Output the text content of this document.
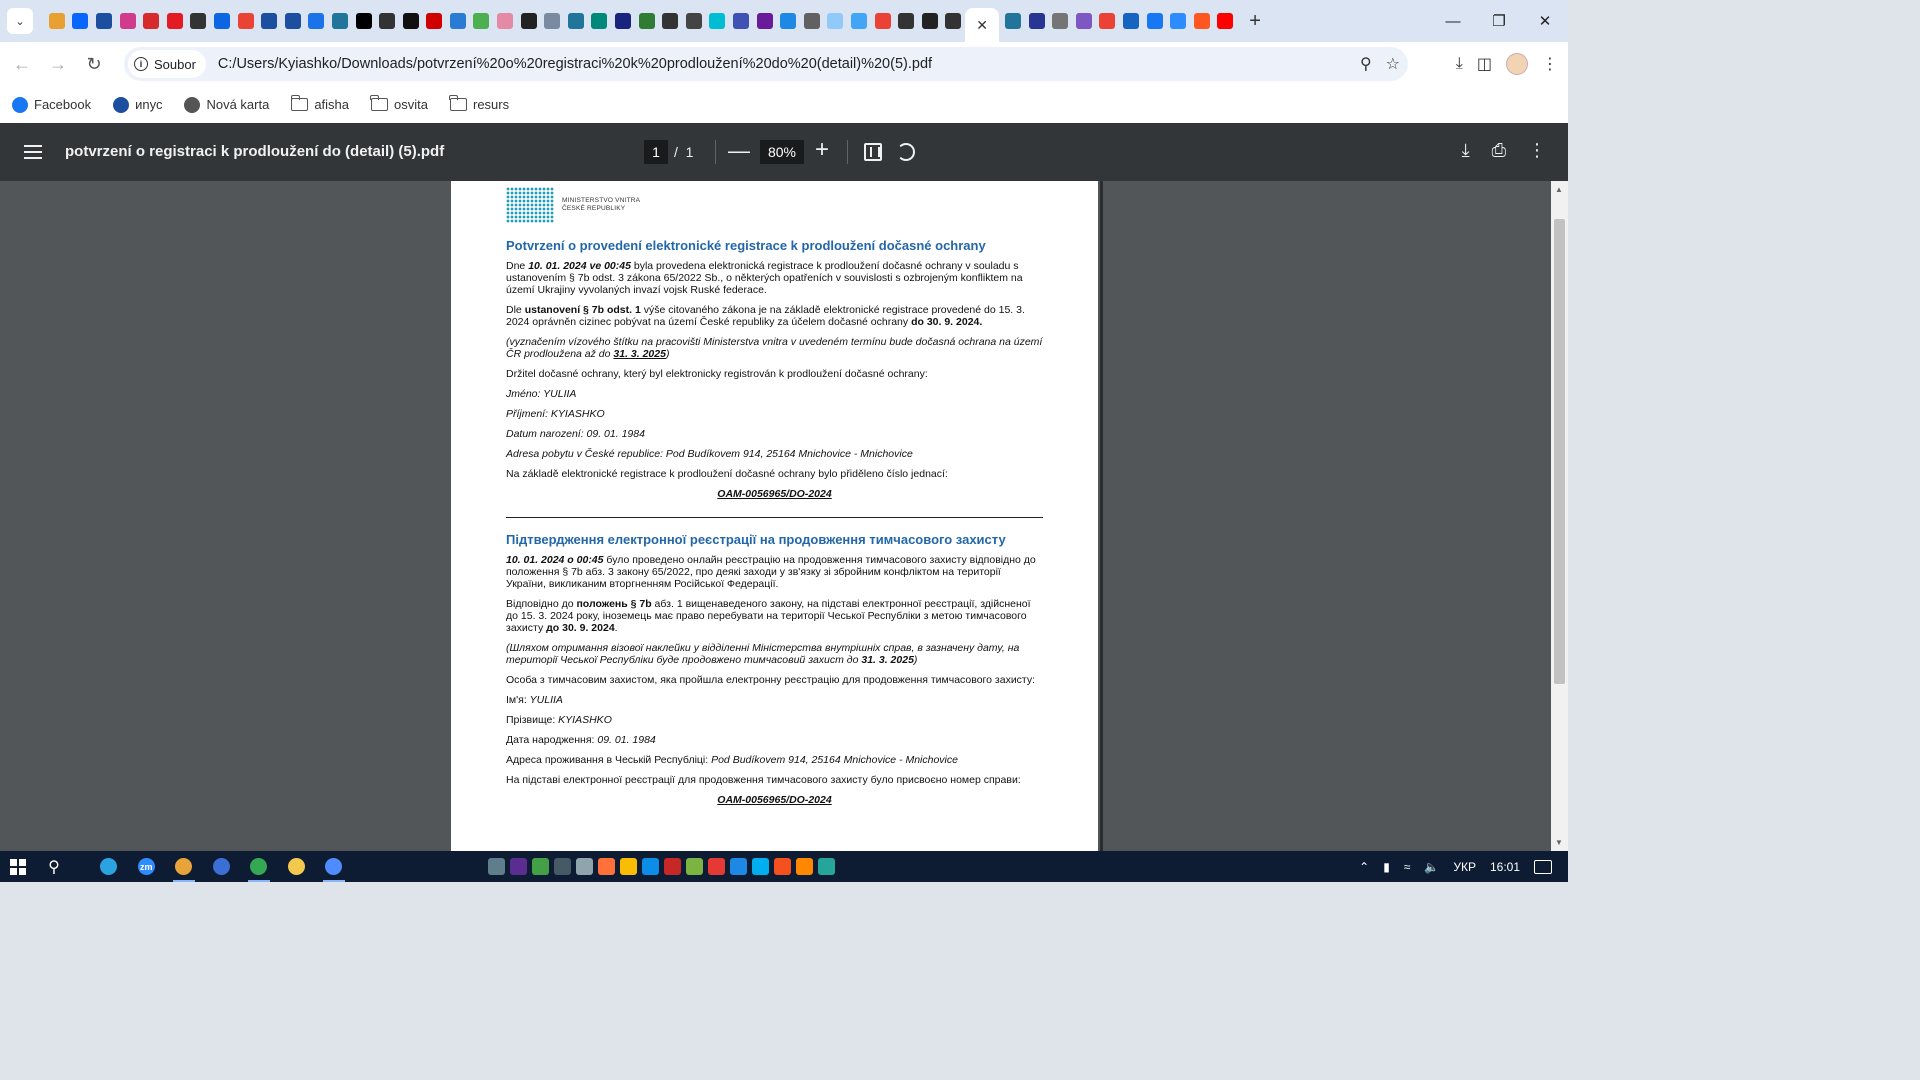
⌄	✕	+	—	❐	✕
←	→	↻	i Soubor C:/Users/Kyiashko/Downloads/potvrzení%20o%20registraci%20k%20prodloužení%20do%20(detail)%20(5).pdf	⚲ ☆	⤓ ◫	⋮
Facebook	иnус	Nová karta	afisha	osvita	resurs
potvrzení o registraci k prodloužení do (detail) (5).pdf	1	/  1 —	80% +	⤓ ⎙ ⋮
MINISTERSTVO VNITRA
ČESKÉ REPUBLIKY
Potvrzení o provedení elektronické registrace k prodloužení dočasné ochrany
Dne 10. 01. 2024 ve 00:45 byla provedena elektronická registrace k prodloužení dočasné ochrany v souladu s ustanovením § 7b odst. 3 zákona 65/2022 Sb., o některých opatřeních v souvislosti s ozbrojeným konfliktem na území Ukrajiny vyvolaných invazí vojsk Ruské federace.
Dle ustanovení § 7b odst. 1 výše citovaného zákona je na základě elektronické registrace provedené do 15. 3. 2024 oprávněn cizinec pobývat na území České republiky za účelem dočasné ochrany do 30. 9. 2024.
(vyznačením vízového štítku na pracovišti Ministerstva vnitra v uvedeném termínu bude dočasná ochrana na území ČR prodloužena až do 31. 3. 2025)
Držitel dočasné ochrany, který byl elektronicky registrován k prodloužení dočasné ochrany:
Jméno: YULIIA
Příjmení: KYIASHKO
Datum narození: 09. 01. 1984
Adresa pobytu v České republice: Pod Budíkovem 914, 25164 Mnichovice - Mnichovice
Na základě elektronické registrace k prodloužení dočasné ochrany bylo přiděleno číslo jednací:
OAM-0056965/DO-2024
Підтвердження електронної реєстрації на продовження тимчасового захисту
10. 01. 2024 о 00:45 було проведено онлайн реєстрацію на продовження тимчасового захисту відповідно до положення § 7b абз. 3 закону 65/2022, про деякі заходи у зв'язку зі збройним конфліктом на території України, викликаним вторгненням Російської Федерації.
Відповідно до положень § 7b абз. 1 вищенаведеного закону, на підставі електронної реєстрації, здійсненої до 15. 3. 2024 року, іноземець має право перебувати на території Чеської Республіки з метою тимчасового захисту до 30. 9. 2024.
(Шляхом отримання візової наклейки у відділенні Міністерства внутрішніх справ, в зазначену дату, на території Чеської Республіки буде продовжено тимчасовий захист до 31. 3. 2025)
Особа з тимчасовим захистом, яка пройшла електронну реєстрацію для продовження тимчасового захисту:
Ім'я: YULIIA
Прізвище: KYIASHKO
Дата народження: 09. 01. 1984
Адреса проживання в Чеській Республіці: Pod Budíkovem 914, 25164 Mnichovice - Mnichovice
На підставі електронної реєстрації для продовження тимчасового захисту було присвоєно номер справи:
OAM-0056965/DO-2024
▲
▼
⚲	zm	⌃ ▮ ≈ 🔈 УКР 16:01
